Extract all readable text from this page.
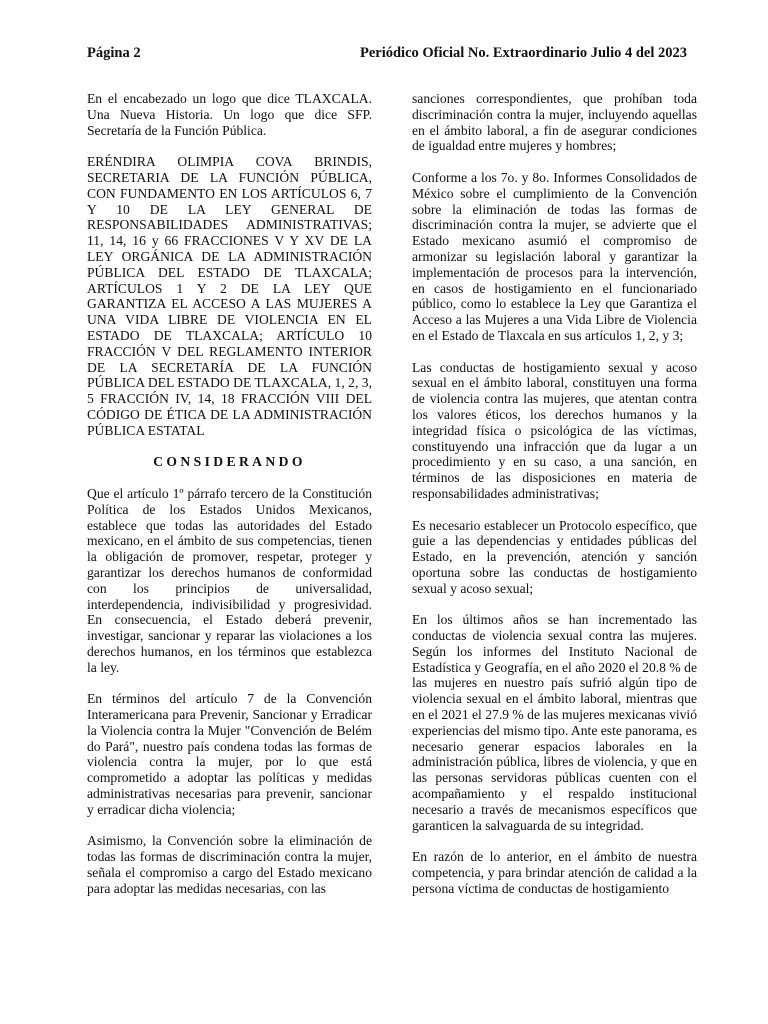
Página 2	Periódico Oficial No. Extraordinario Julio 4 del 2023

En el encabezado un logo que dice TLAXCALA. Una Nueva Historia. Un logo que dice SFP. Secretaría de la Función Pública.

ERÉNDIRA OLIMPIA COVA BRINDIS, SECRETARIA DE LA FUNCIÓN PÚBLICA, CON FUNDAMENTO EN LOS ARTÍCULOS 6, 7 Y 10 DE LA LEY GENERAL DE RESPONSABILIDADES ADMINISTRATIVAS; 11, 14, 16 y 66 FRACCIONES V Y XV DE LA LEY ORGÁNICA DE LA ADMINISTRACIÓN PÚBLICA DEL ESTADO DE TLAXCALA; ARTÍCULOS 1 Y 2 DE LA LEY QUE GARANTIZA EL ACCESO A LAS MUJERES A UNA VIDA LIBRE DE VIOLENCIA EN EL ESTADO DE TLAXCALA; ARTÍCULO 10 FRACCIÓN V DEL REGLAMENTO INTERIOR DE LA SECRETARÍA DE LA FUNCIÓN PÚBLICA DEL ESTADO DE TLAXCALA, 1, 2, 3, 5 FRACCIÓN IV, 14, 18 FRACCIÓN VIII DEL CÓDIGO DE ÉTICA DE LA ADMINISTRACIÓN PÚBLICA ESTATAL

CONSIDERANDO

Que el artículo 1º párrafo tercero de la Constitución Política de los Estados Unidos Mexicanos, establece que todas las autoridades del Estado mexicano, en el ámbito de sus competencias, tienen la obligación de promover, respetar, proteger y garantizar los derechos humanos de conformidad con los principios de universalidad, interdependencia, indivisibilidad y progresividad. En consecuencia, el Estado deberá prevenir, investigar, sancionar y reparar las violaciones a los derechos humanos, en los términos que establezca la ley.

En términos del artículo 7 de la Convención Interamericana para Prevenir, Sancionar y Erradicar la Violencia contra la Mujer "Convención de Belém do Pará", nuestro país condena todas las formas de violencia contra la mujer, por lo que está comprometido a adoptar las políticas y medidas administrativas necesarias para prevenir, sancionar y erradicar dicha violencia;

Asimismo, la Convención sobre la eliminación de todas las formas de discriminación contra la mujer, señala el compromiso a cargo del Estado mexicano para adoptar las medidas necesarias, con las

sanciones correspondientes, que prohíban toda discriminación contra la mujer, incluyendo aquellas en el ámbito laboral, a fin de asegurar condiciones de igualdad entre mujeres y hombres;

Conforme a los 7o. y 8o. Informes Consolidados de México sobre el cumplimiento de la Convención sobre la eliminación de todas las formas de discriminación contra la mujer, se advierte que el Estado mexicano asumió el compromiso de armonizar su legislación laboral y garantizar la implementación de procesos para la intervención, en casos de hostigamiento en el funcionariado público, como lo establece la Ley que Garantiza el Acceso a las Mujeres a una Vida Libre de Violencia en el Estado de Tlaxcala en sus artículos 1, 2, y 3;

Las conductas de hostigamiento sexual y acoso sexual en el ámbito laboral, constituyen una forma de violencia contra las mujeres, que atentan contra los valores éticos, los derechos humanos y la integridad física o psicológica de las víctimas, constituyendo una infracción que da lugar a un procedimiento y en su caso, a una sanción, en términos de las disposiciones en materia de responsabilidades administrativas;

Es necesario establecer un Protocolo específico, que guie a las dependencias y entidades públicas del Estado, en la prevención, atención y sanción oportuna sobre las conductas de hostigamiento sexual y acoso sexual;

En los últimos años se han incrementado las conductas de violencia sexual contra las mujeres. Según los informes del Instituto Nacional de Estadística y Geografía, en el año 2020 el 20.8 % de las mujeres en nuestro país sufrió algún tipo de violencia sexual en el ámbito laboral, mientras que en el 2021 el 27.9 % de las mujeres mexicanas vivió experiencias del mismo tipo. Ante este panorama, es necesario generar espacios laborales en la administración pública, libres de violencia, y que en las personas servidoras públicas cuenten con el acompañamiento y el respaldo institucional necesario a través de mecanismos específicos que garanticen la salvaguarda de su integridad.

En razón de lo anterior, en el ámbito de nuestra competencia, y para brindar atención de calidad a la persona víctima de conductas de hostigamiento
